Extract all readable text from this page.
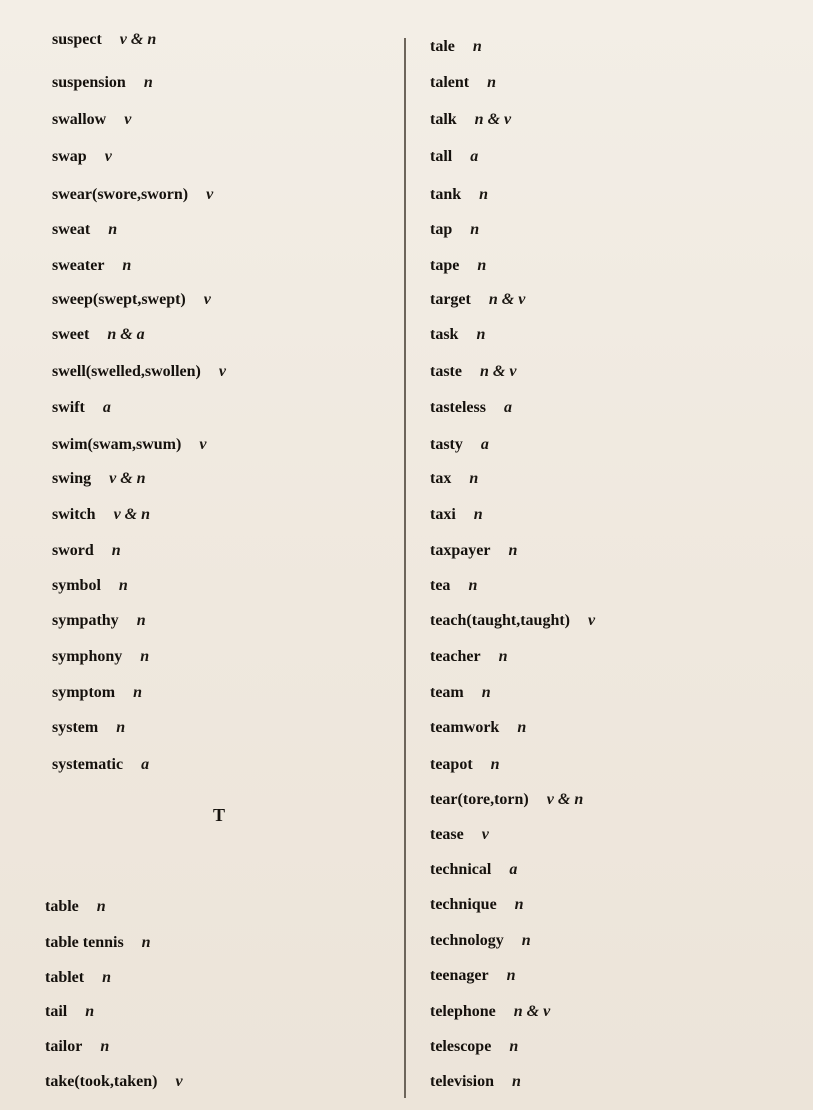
suspect v & n
suspension n
swallow v
swap v
swear(swore,sworn) v
sweat n
sweater n
sweep(swept,swept) v
sweet n & a
swell(swelled,swollen) v
swift a
swim(swam,swum) v
swing v & n
switch v & n
sword n
symbol n
sympathy n
symphony n
symptom n
system n
systematic a
T
table n
table tennis n
tablet n
tail n
tailor n
take(took,taken) v
tale n
talent n
talk n & v
tall a
tank n
tap n
tape n
target n & v
task n
taste n & v
tasteless a
tasty a
tax n
taxi n
taxpayer n
tea n
teach(taught,taught) v
teacher n
team n
teamwork n
teapot n
tear(tore,torn) v & n
tease v
technical a
technique n
technology n
teenager n
telephone n & v
telescope n
television n
